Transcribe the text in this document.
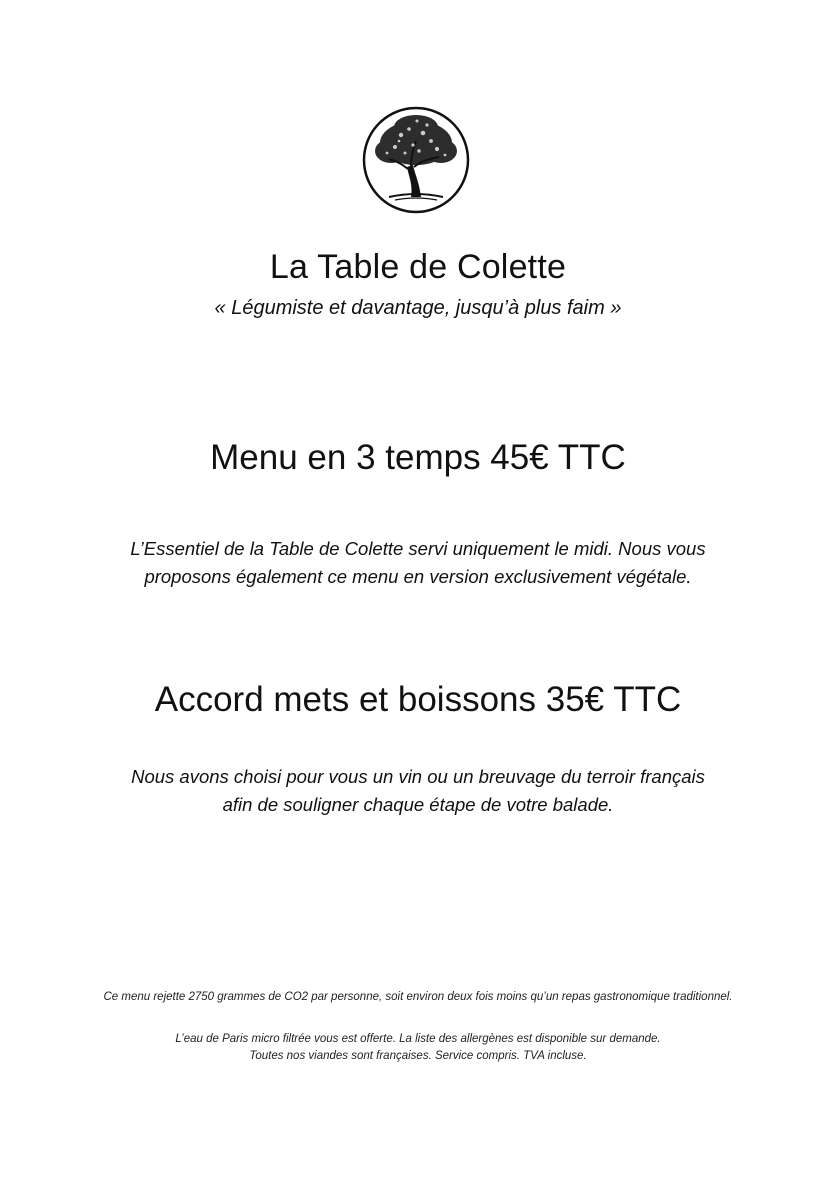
La Table de Colette
« Légumiste et davantage, jusqu’à plus faim »
Menu en 3 temps 45€ TTC
L’Essentiel de la Table de Colette servi uniquement le midi. Nous vous
proposons également ce menu en version exclusivement végétale.
Accord mets et boissons 35€ TTC
Nous avons choisi pour vous un vin ou un breuvage du terroir français
afin de souligner chaque étape de votre balade.
Ce menu rejette 2750 grammes de CO2 par personne, soit environ deux fois moins qu’un repas gastronomique traditionnel.
L’eau de Paris micro filtrée vous est offerte. La liste des allergènes est disponible sur demande.
Toutes nos viandes sont françaises. Service compris. TVA incluse.
